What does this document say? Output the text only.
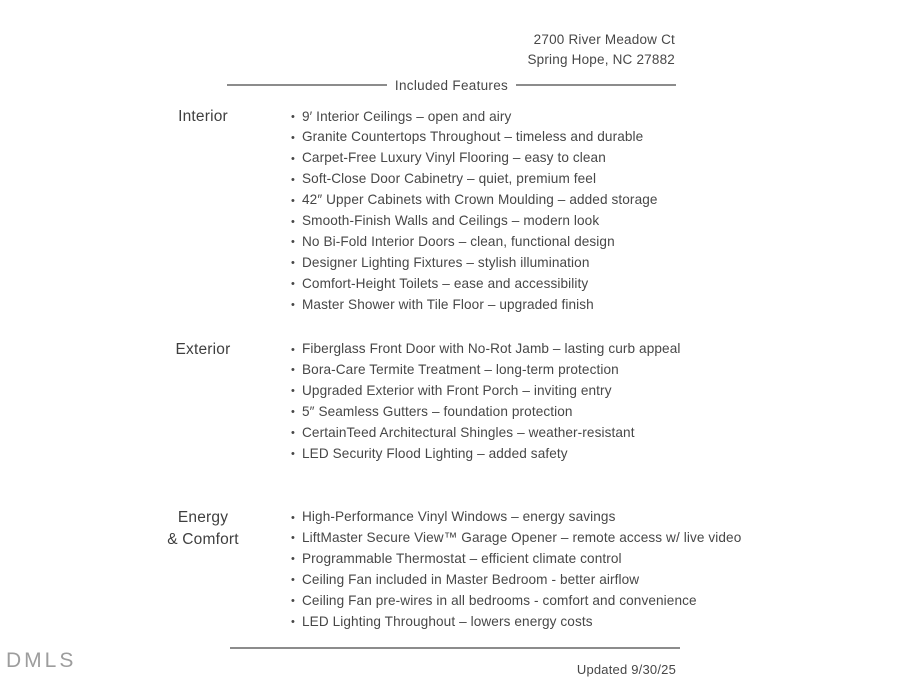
2700 River Meadow Ct
Spring Hope, NC 27882
Included Features
Interior	• 9′ Interior Ceilings – open and airy
• Granite Countertops Throughout – timeless and durable
• Carpet-Free Luxury Vinyl Flooring – easy to clean
• Soft-Close Door Cabinetry – quiet, premium feel
• 42″ Upper Cabinets with Crown Moulding – added storage
• Smooth-Finish Walls and Ceilings – modern look
• No Bi-Fold Interior Doors – clean, functional design
• Designer Lighting Fixtures – stylish illumination
• Comfort-Height Toilets – ease and accessibility
• Master Shower with Tile Floor – upgraded finish
Exterior	• Fiberglass Front Door with No-Rot Jamb – lasting curb appeal
• Bora-Care Termite Treatment – long-term protection
• Upgraded Exterior with Front Porch – inviting entry
• 5″ Seamless Gutters – foundation protection
• CertainTeed Architectural Shingles – weather-resistant
• LED Security Flood Lighting – added safety
Energy
& Comfort
• High-Performance Vinyl Windows – energy savings
• LiftMaster Secure View™ Garage Opener – remote access w/ live video
• Programmable Thermostat – efficient climate control
• Ceiling Fan included in Master Bedroom - better airflow
• Ceiling Fan pre-wires in all bedrooms - comfort and convenience
• LED Lighting Throughout – lowers energy costs
Updated 9/30/25
DMLS
